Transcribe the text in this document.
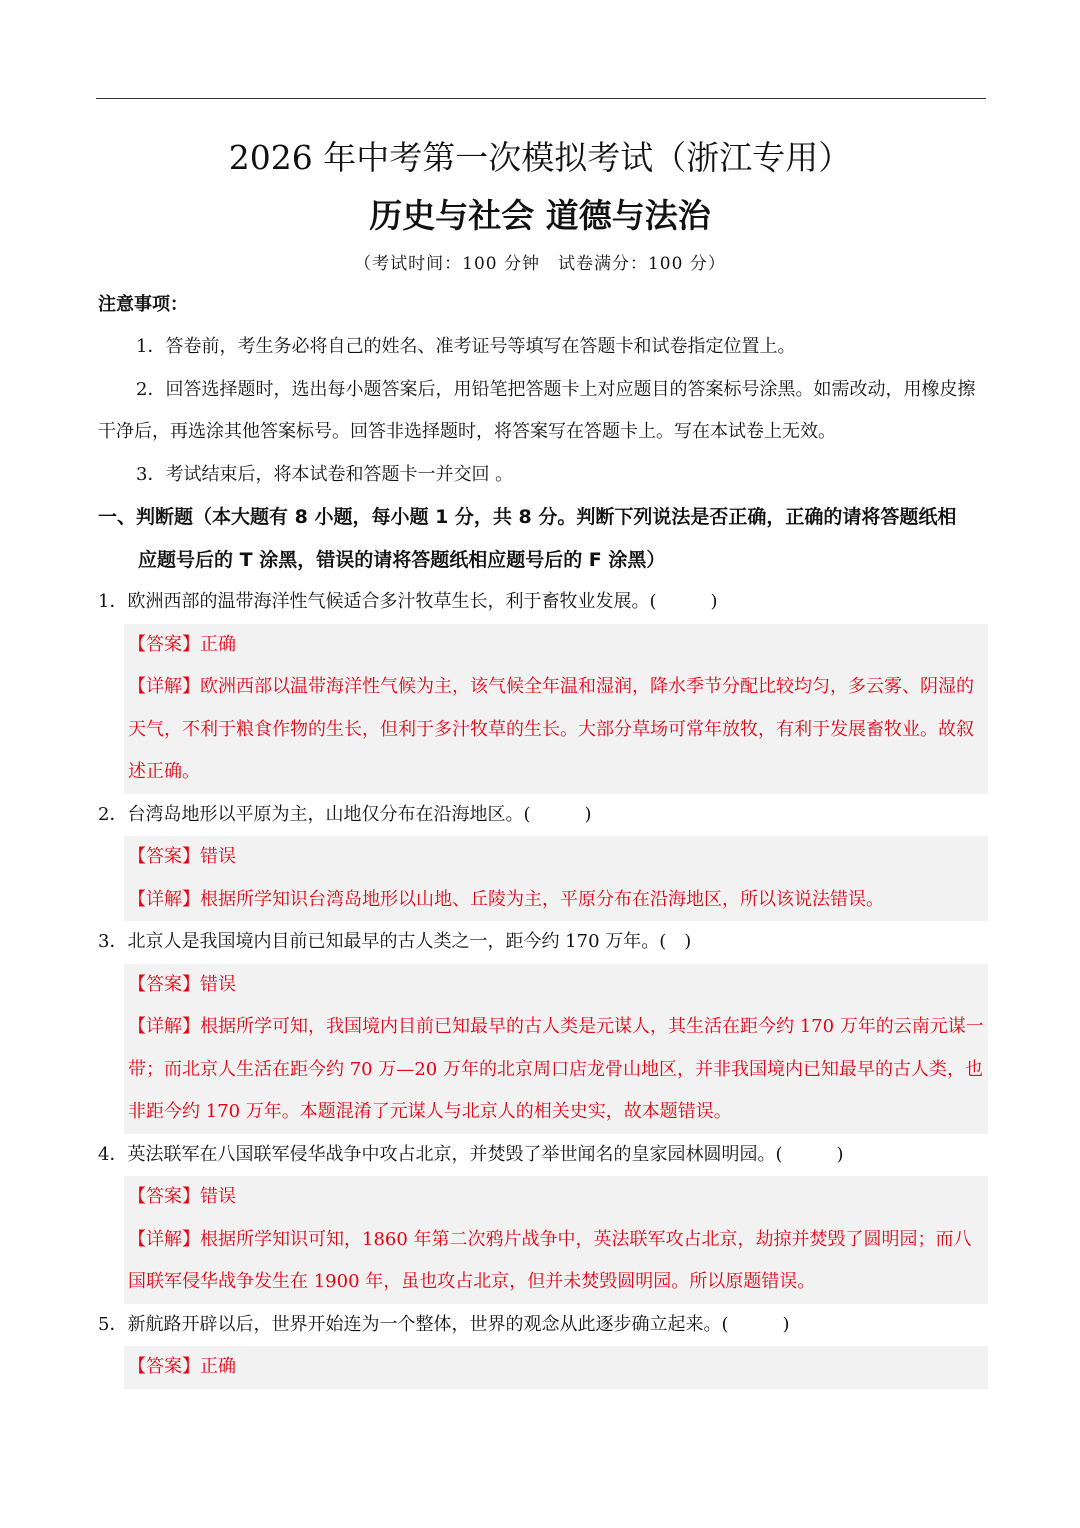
2026 年中考第一次模拟考试（浙江专用）
历史与社会 道德与法治
（考试时间：100 分钟　试卷满分：100 分）

注意事项：

1．答卷前，考生务必将自己的姓名、准考证号等填写在答题卡和试卷指定位置上。

2．回答选择题时，选出每小题答案后，用铅笔把答题卡上对应题目的答案标号涂黑。如需改动，用橡皮擦干净后，再选涂其他答案标号。回答非选择题时，将答案写在答题卡上。写在本试卷上无效。

3．考试结束后，将本试卷和答题卡一并交回 。

一、判断题（本大题有 8 小题，每小题 1 分，共 8 分。判断下列说法是否正确，正确的请将答题纸相
应题号后的 T 涂黑，错误的请将答题纸相应题号后的 F 涂黑）

1．欧洲西部的温带海洋性气候适合多汁牧草生长，利于畜牧业发展。(　　　)

【答案】正确

【详解】欧洲西部以温带海洋性气候为主，该气候全年温和湿润，降水季节分配比较均匀，多云雾、阴湿的天气，不利于粮食作物的生长，但利于多汁牧草的生长。大部分草场可常年放牧，有利于发展畜牧业。故叙述正确。

2．台湾岛地形以平原为主，山地仅分布在沿海地区。(　　　)

【答案】错误

【详解】根据所学知识台湾岛地形以山地、丘陵为主，平原分布在沿海地区，所以该说法错误。

3．北京人是我国境内目前已知最早的古人类之一，距今约 170 万年。(　)

【答案】错误

【详解】根据所学可知，我国境内目前已知最早的古人类是元谋人，其生活在距今约 170 万年的云南元谋一带；而北京人生活在距今约 70 万—20 万年的北京周口店龙骨山地区，并非我国境内已知最早的古人类，也非距今约 170 万年。本题混淆了元谋人与北京人的相关史实，故本题错误。

4．英法联军在八国联军侵华战争中攻占北京，并焚毁了举世闻名的皇家园林圆明园。(　　　)

【答案】错误

【详解】根据所学知识可知，1860 年第二次鸦片战争中，英法联军攻占北京，劫掠并焚毁了圆明园；而八国联军侵华战争发生在 1900 年，虽也攻占北京，但并未焚毁圆明园。所以原题错误。

5．新航路开辟以后，世界开始连为一个整体，世界的观念从此逐步确立起来。(　　　)

【答案】正确
